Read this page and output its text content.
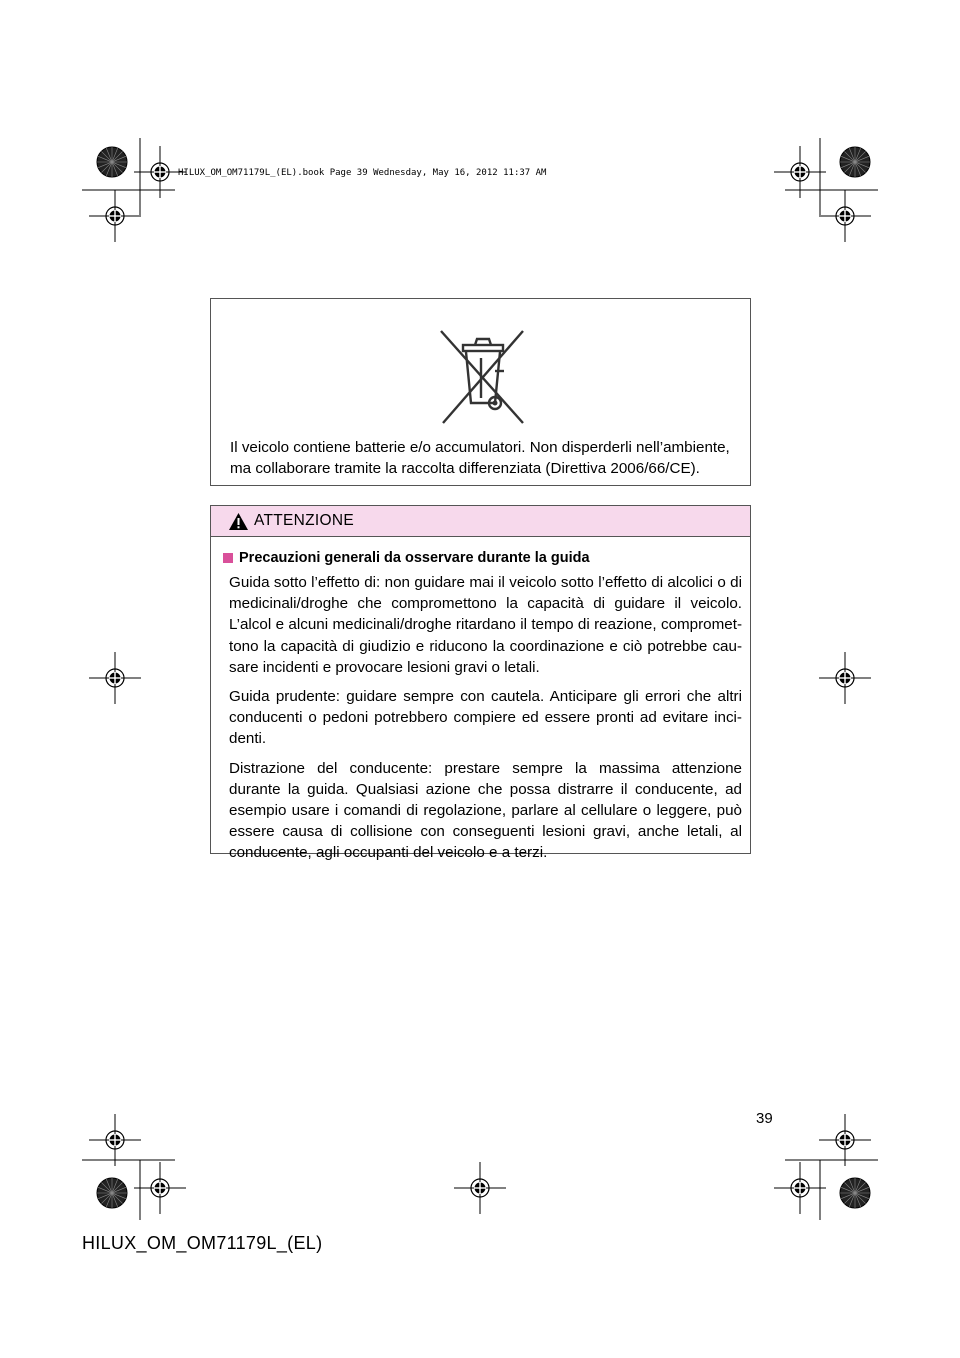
HILUX_OM_OM71179L_(EL).book Page 39 Wednesday, May 16, 2012 11:37 AM
Il veicolo contiene batterie e/o accumulatori. Non disperderli nell’ambiente, ma collaborare tramite la raccolta differenziata (Direttiva 2006/66/CE).
ATTENZIONE
Precauzioni generali da osservare durante la guida

Guida sotto l’effetto di: non guidare mai il veicolo sotto l’effetto di alcolici o di medicinali/droghe che compromettono la capacità di guidare il veicolo. L’alcol e alcuni medicinali/droghe ritardano il tempo di reazione, compromet-tono la capacità di giudizio e riducono la coordinazione e ciò potrebbe cau-sare incidenti e provocare lesioni gravi o letali.

Guida prudente: guidare sempre con cautela. Anticipare gli errori che altri conducenti o pedoni potrebbero compiere ed essere pronti ad evitare inci-denti.

Distrazione del conducente: prestare sempre la massima attenzione durante la guida. Qualsiasi azione che possa distrarre il conducente, ad esempio usare i comandi di regolazione, parlare al cellulare o leggere, può essere causa di collisione con conseguenti lesioni gravi, anche letali, al conducente, agli occupanti del veicolo e a terzi.

39
HILUX_OM_OM71179L_(EL)
